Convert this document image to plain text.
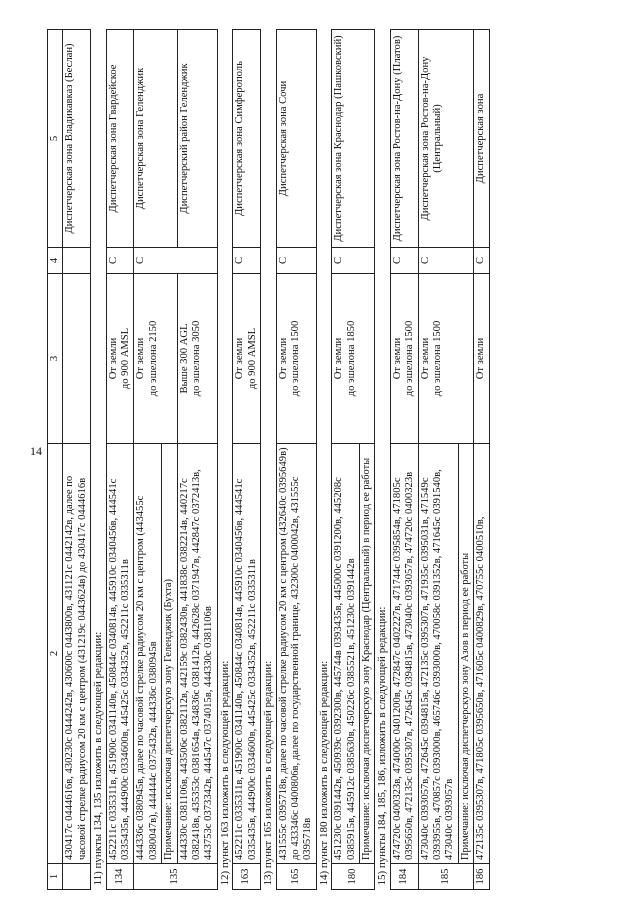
14
1	2	3	4	5
	430417с 0444616в, 430230с 0444242в, 430600с 0443800в, 431121с 0442142в, далее по часовой стрелке радиусом 20 км с центром (431219с 0443624в) до 430417с 0444616в			Диспетчерская зона Владикавказ (Беслан)
11) пункты 134, 135 изложить в следующей редакции:				
134	452211с 0335311в, 451900с 0341140в, 450844с 0340814в, 445910с 0340456в, 444541с 0335435в, 444900с 0334600в, 445425с 0334352в, 452211с 0335311в	От земли до 900 AMSL	С	Диспетчерская зона Гвардейское
135	444336с 0380945в, далее по часовой стрелке радиусом 20 км с центром (443455с 0380047в), 444444с 0375432в, 444336с 0380945в	От земли до эшелона 2150	С	Диспетчерская зона Геленджик
	Примечание: исключая диспетчерскую зону Геленджик (Бухта)			
	444330с 0381106в, 443506с 0382112в, 442159с 0382430в, 441838с 0382214в, 440217с 0382418в, 435353с 0381654в, 434836с 0381412в, 442628с 0371947в, 442847с 0372413в, 443753с 0373342в, 444547с 0374015в, 444330с 0381106в	Выше 300 AGL до эшелона 3050		Диспетчерский район Геленджик
12) пункт 163 изложить в следующей редакции:				
163	452211с 0335311в, 451900с 0341140в, 450844с 0340814в, 445910с 0340456в, 444541с 0335435в, 444900с 0334600в, 445425с 0334352в, 452211с 0335311в	От земли до 900 AMSL	С	Диспетчерская зона Симферополь
13) пункт 165 изложить в следующей редакции:				
165	431555с 0395718в, далее по часовой стрелке радиусом 20 км с центром (432640с 0395649в) до 433346с 0400806в, далее по государственной границе, 432300с 0400042в, 431555с 0395718в	От земли до эшелона 1500	С	Диспетчерская зона Сочи
14) пункт 180 изложить в следующей редакции:				
180	451230с 0391442в, 450939с 0392300в, 445744в 0393435в, 445000с 0391200в, 445208с 0385915в, 445912с 0385630в, 450226с 0385521в, 451230с 0391442в	От земли до эшелона 1850	С	Диспетчерская зона Краснодар (Пашковский)
	Примечание: исключая диспетчерскую зону Краснодар (Центральный) в период ее работы			
15) пункты 184, 185, 186, изложить в следующей редакции:				
184	474720с 0400323в, 474000с 0401200в, 472847с 0402227в, 471744с 0395854в, 471805с 0395650в, 472135с 0395307в, 472645с 0394815в, 473040с 0393057в, 474720с 0400323в	От земли до эшелона 1500	С	Диспетчерская зона Ростов-на-Дону (Платов)
185	473040с 0393057в, 472645с 0394815в, 472135с 0395307в, 471935с 0395031в, 471549с 0393955в, 470857с 0393000в, 465746с 0393000в, 470058с 0391352в, 471645с 0391540в, 473040с 0393057в	От земли до эшелона 1500	С	Диспетчерская зона Ростов-на-Дону (Центральный)
	Примечание: исключая диспетчерскую зону Азов в период ее работы			
186	472135с 0395307в, 471805с 0395650в, 471605с 0400829в, 470755с 0400510в,	От земли	С	Диспетчерская зона
